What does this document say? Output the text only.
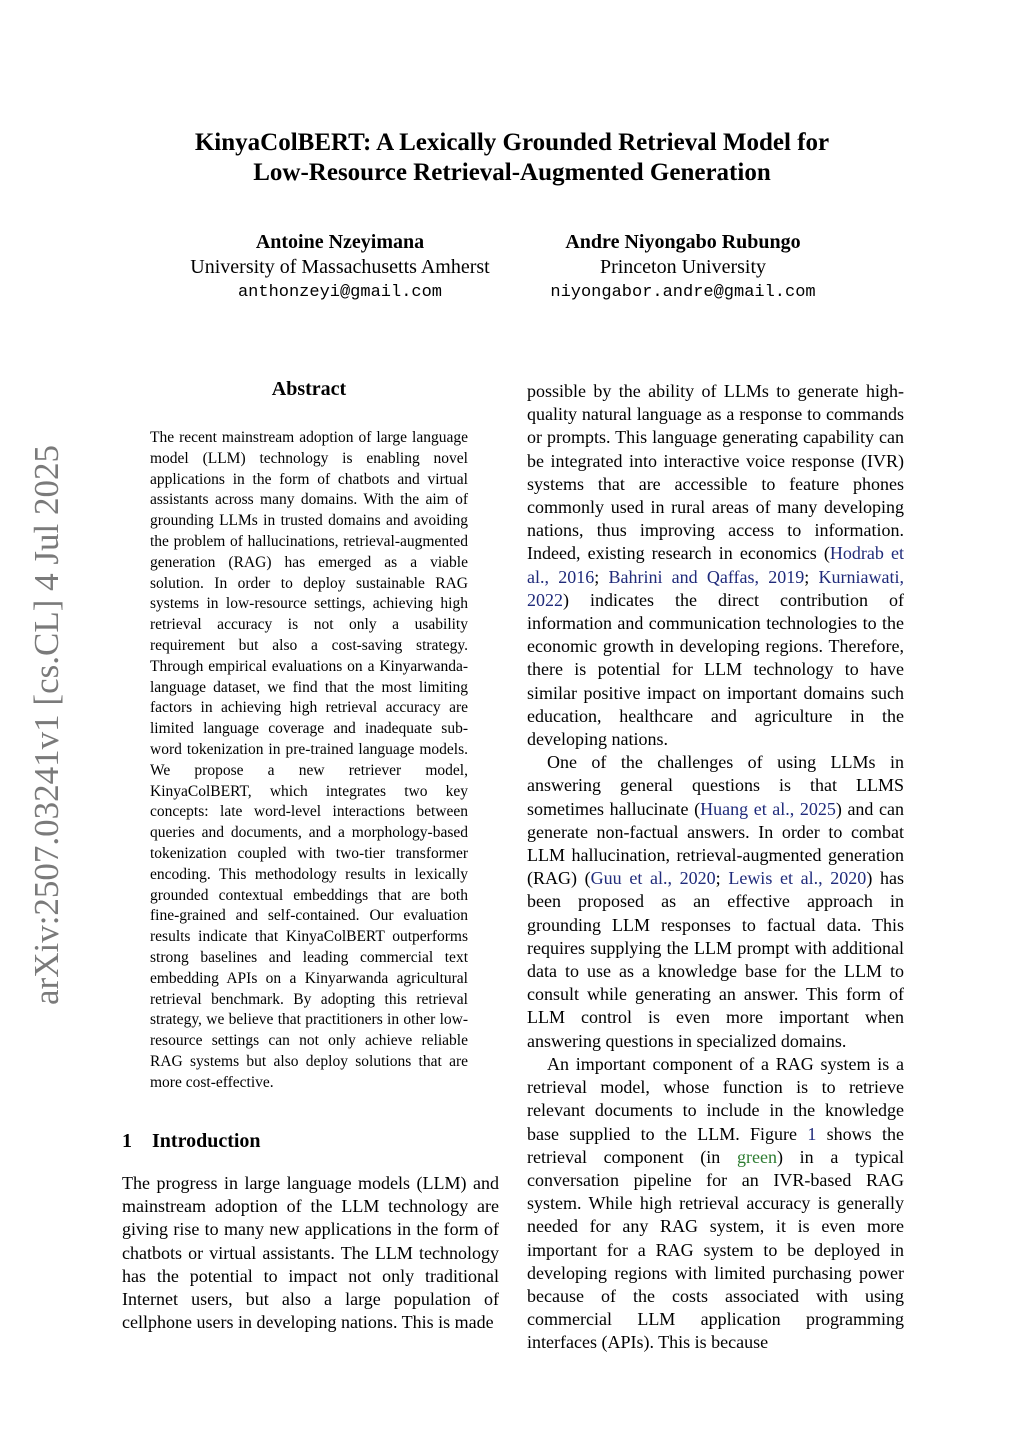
arXiv:2507.03241v1 [cs.CL] 4 Jul 2025
KinyaColBERT: A Lexically Grounded Retrieval Model for
Low-Resource Retrieval-Augmented Generation
Antoine Nzeyimana
University of Massachusetts Amherst
anthonzeyi@gmail.com
Andre Niyongabo Rubungo
Princeton University
niyongabor.andre@gmail.com
Abstract
The recent mainstream adoption of large language model (LLM) technology is enabling novel applications in the form of chatbots and virtual assistants across many domains. With the aim of grounding LLMs in trusted domains and avoiding the problem of hallucinations, retrieval-augmented generation (RAG) has emerged as a viable solution. In order to deploy sustainable RAG systems in low-resource settings, achieving high retrieval accuracy is not only a usability requirement but also a cost-saving strategy. Through empirical evaluations on a Kinyarwanda-language dataset, we find that the most limiting factors in achieving high retrieval accuracy are limited language coverage and inadequate sub-word tokenization in pre-trained language models. We propose a new retriever model, KinyaColBERT, which integrates two key concepts: late word-level interactions between queries and documents, and a morphology-based tokenization coupled with two-tier transformer encoding. This methodology results in lexically grounded contextual embeddings that are both fine-grained and self-contained. Our evaluation results indicate that KinyaColBERT outperforms strong baselines and leading commercial text embedding APIs on a Kinyarwanda agricultural retrieval benchmark. By adopting this retrieval strategy, we believe that practitioners in other low-resource settings can not only achieve reliable RAG systems but also deploy solutions that are more cost-effective.
1 Introduction

The progress in large language models (LLM) and mainstream adoption of the LLM technology are giving rise to many new applications in the form of chatbots or virtual assistants. The LLM technology has the potential to impact not only traditional Internet users, but also a large population of cellphone users in developing nations. This is made

possible by the ability of LLMs to generate high-quality natural language as a response to commands or prompts. This language generating capability can be integrated into interactive voice response (IVR) systems that are accessible to feature phones commonly used in rural areas of many developing nations, thus improving access to information. Indeed, existing research in economics (Hodrab et al., 2016; Bahrini and Qaffas, 2019; Kurniawati, 2022) indicates the direct contribution of information and communication technologies to the economic growth in developing regions. Therefore, there is potential for LLM technology to have similar positive impact on important domains such education, healthcare and agriculture in the developing nations.

One of the challenges of using LLMs in answering general questions is that LLMS sometimes hallucinate (Huang et al., 2025) and can generate non-factual answers. In order to combat LLM hallucination, retrieval-augmented generation (RAG) (Guu et al., 2020; Lewis et al., 2020) has been proposed as an effective approach in grounding LLM responses to factual data. This requires supplying the LLM prompt with additional data to use as a knowledge base for the LLM to consult while generating an answer. This form of LLM control is even more important when answering questions in specialized domains.

An important component of a RAG system is a retrieval model, whose function is to retrieve relevant documents to include in the knowledge base supplied to the LLM. Figure 1 shows the retrieval component (in green) in a typical conversation pipeline for an IVR-based RAG system. While high retrieval accuracy is generally needed for any RAG system, it is even more important for a RAG system to be deployed in developing regions with limited purchasing power because of the costs associated with using commercial LLM application programming interfaces (APIs). This is because
